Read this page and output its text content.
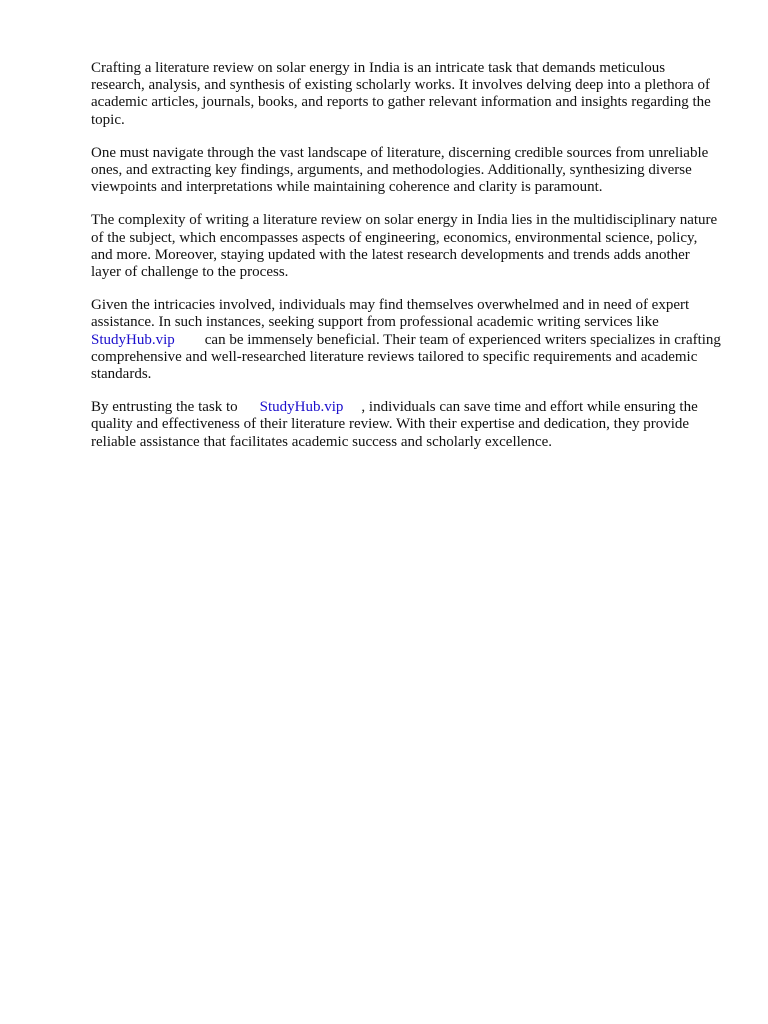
Crafting a literature review on solar energy in India is an intricate task that demands meticulous research, analysis, and synthesis of existing scholarly works. It involves delving deep into a plethora of academic articles, journals, books, and reports to gather relevant information and insights regarding the topic.

One must navigate through the vast landscape of literature, discerning credible sources from unreliable ones, and extracting key findings, arguments, and methodologies. Additionally, synthesizing diverse viewpoints and interpretations while maintaining coherence and clarity is paramount.

The complexity of writing a literature review on solar energy in India lies in the multidisciplinary nature of the subject, which encompasses aspects of engineering, economics, environmental science, policy, and more. Moreover, staying updated with the latest research developments and trends adds another layer of challenge to the process.

Given the intricacies involved, individuals may find themselves overwhelmed and in need of expert assistance. In such instances, seeking support from professional academic writing services like
StudyHub.vip can be immensely beneficial. Their team of experienced writers specializes in crafting comprehensive and well-researched literature reviews tailored to specific requirements and academic standards.

By entrusting the task to StudyHub.vip , individuals can save time and effort while ensuring the quality and effectiveness of their literature review. With their expertise and dedication, they provide reliable assistance that facilitates academic success and scholarly excellence.
